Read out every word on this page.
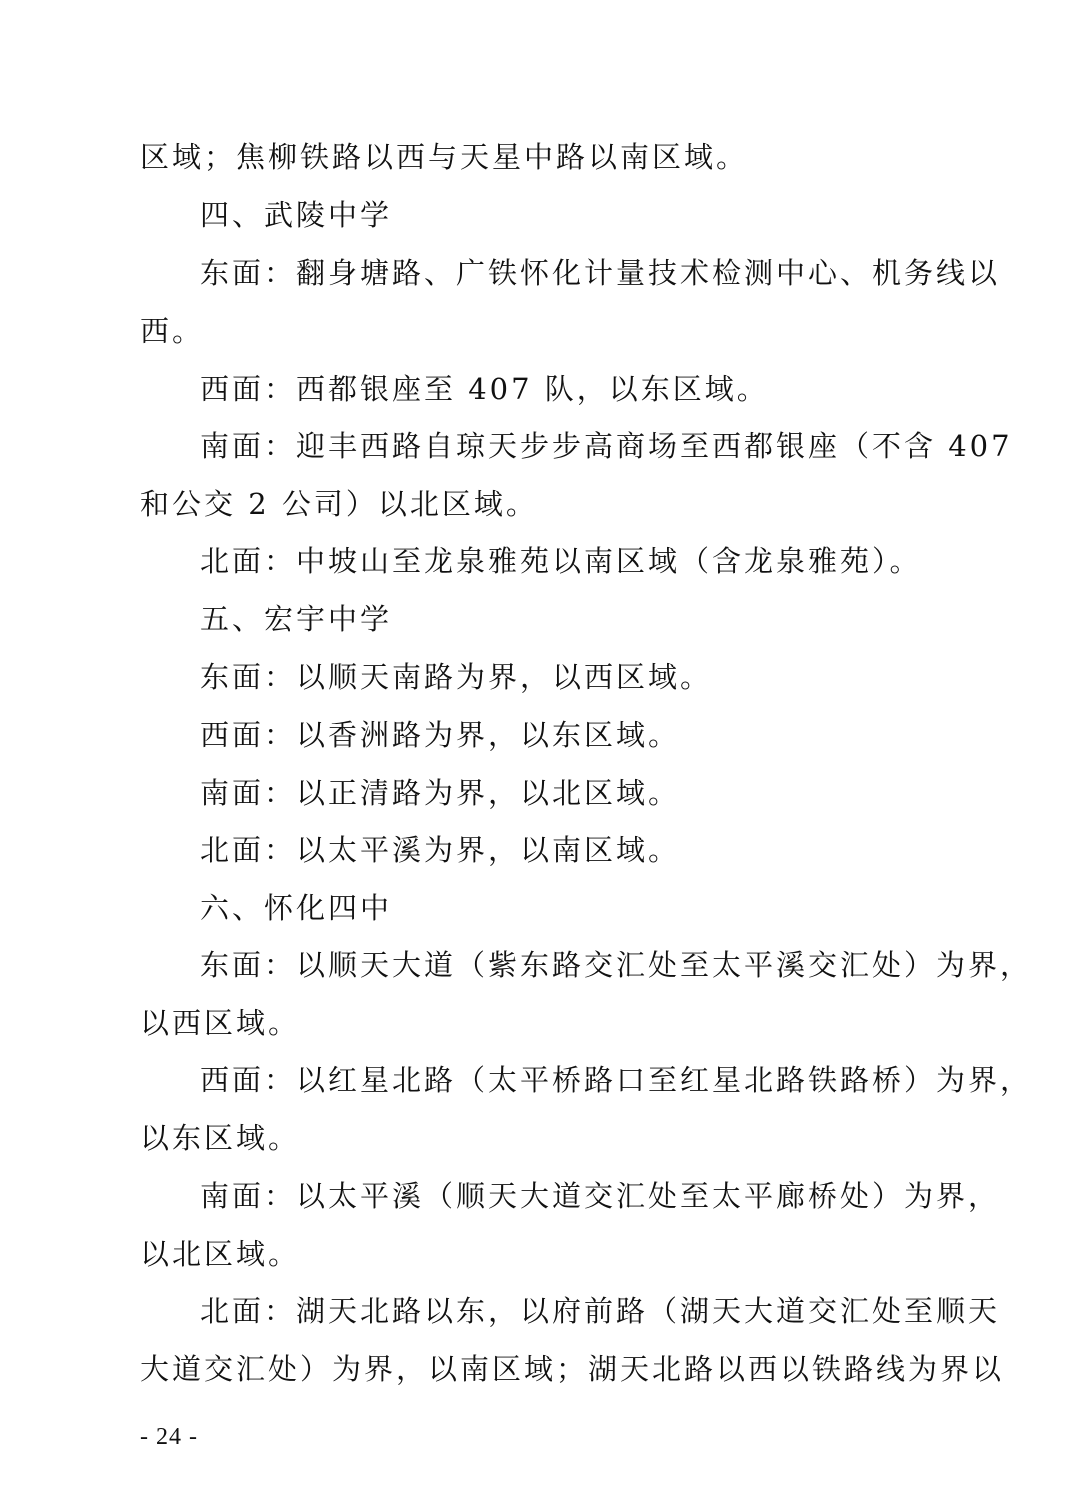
区域；焦柳铁路以西与天星中路以南区域。
四、武陵中学
东面：翻身塘路、广铁怀化计量技术检测中心、机务线以
西。
西面：西都银座至 407 队，以东区域。
南面：迎丰西路自琼天步步高商场至西都银座（不含 407
和公交 2 公司）以北区域。
北面：中坡山至龙泉雅苑以南区域（含龙泉雅苑）。
五、宏宇中学
东面：以顺天南路为界，以西区域。
西面：以香洲路为界，以东区域。
南面：以正清路为界，以北区域。
北面：以太平溪为界，以南区域。
六、怀化四中
东面：以顺天大道（紫东路交汇处至太平溪交汇处）为界，
以西区域。
西面：以红星北路（太平桥路口至红星北路铁路桥）为界，
以东区域。
南面：以太平溪（顺天大道交汇处至太平廊桥处）为界，
以北区域。
北面：湖天北路以东，以府前路（湖天大道交汇处至顺天
大道交汇处）为界，以南区域；湖天北路以西以铁路线为界以
- 24 -
